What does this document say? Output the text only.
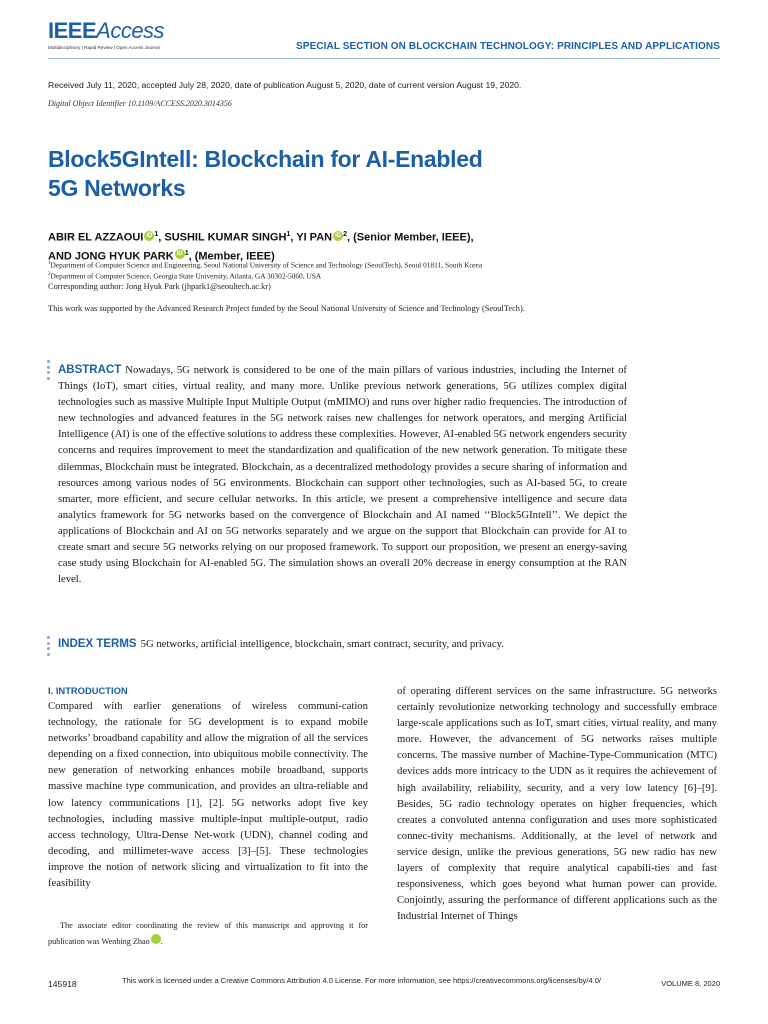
IEEEAccess
Multidisciplinary | Rapid Review | Open Access Journal	SPECIAL SECTION ON BLOCKCHAIN TECHNOLOGY: PRINCIPLES AND APPLICATIONS
Received July 11, 2020, accepted July 28, 2020, date of publication August 5, 2020, date of current version August 19, 2020.
Digital Object Identifier 10.1109/ACCESS.2020.3014356
Block5GIntell: Blockchain for AI-Enabled
5G Networks
ABIR EL AZZAOUI iD $^1$, SUSHIL KUMAR SINGH$^1$, YI PAN iD $^2$, (Senior Member, IEEE),
AND JONG HYUK PARK iD $^1$, (Member, IEEE)
$^1$Department of Computer Science and Engineering, Seoul National University of Science and Technology (SeoulTech), Seoul 01811, South Korea
$^2$Department of Computer Science, Georgia State University, Atlanta, GA 30302-5060, USA
Corresponding author: Jong Hyuk Park (jhpark1@seoultech.ac.kr)
This work was supported by the Advanced Research Project funded by the Seoul National University of Science and Technology (SeoulTech).
ABSTRACT Nowadays, 5G network is considered to be one of the main pillars of various industries, including the Internet of Things (IoT), smart cities, virtual reality, and many more. Unlike previous network generations, 5G utilizes complex digital technologies such as massive Multiple Input Multiple Output (mMIMO) and runs over higher radio frequencies. The introduction of new technologies and advanced features in the 5G network raises new challenges for network operators, and merging Artificial Intelligence (AI) is one of the effective solutions to address these complexities. However, AI-enabled 5G network engenders security concerns and requires improvement to meet the standardization and qualification of the new network generation. To mitigate these dilemmas, Blockchain must be integrated. Blockchain, as a decentralized methodology provides a secure sharing of information and resources among various nodes of 5G environments. Blockchain can support other technologies, such as AI-based 5G, to create smarter, more efficient, and secure cellular networks. In this article, we present a comprehensive intelligence and secure data analytics framework for 5G networks based on the convergence of Blockchain and AI named ‘‘Block5GIntell’’. We depict the applications of Blockchain and AI on 5G networks separately and we argue on the support that Blockchain can provide for AI to create smart and secure 5G networks relying on our proposed framework. To support our proposition, we present an energy-saving case study using Blockchain for AI-enabled 5G. The simulation shows an overall 20% decrease in energy consumption at the RAN level.
INDEX TERMS 5G networks, artificial intelligence, blockchain, smart contract, security, and privacy.
I. INTRODUCTION

Compared with earlier generations of wireless communi-cation technology, the rationale for 5G development is to expand mobile networks’ broadband capability and allow the migration of all the services depending on a fixed connection, into ubiquitous mobile connectivity. The new generation of networking enhances mobile broadband, supports massive machine type communication, and provides an ultra-reliable and low latency communications [1], [2]. 5G networks adopt five key technologies, including massive multiple-input multiple-output, radio access technology, Ultra-Dense Net-work (UDN), channel coding and decoding, and millimeter-wave access [3]–[5]. These technologies improve the notion of network slicing and virtualization to fit into the feasibility

of operating different services on the same infrastructure. 5G networks certainly revolutionize networking technology and successfully embrace large-scale applications such as IoT, smart cities, virtual reality, and many more. However, the advancement of 5G networks raises multiple concerns. The massive number of Machine-Type-Communication (MTC) devices adds more intricacy to the UDN as it requires the achievement of high availability, reliability, security, and a very low latency [6]–[9]. Besides, 5G radio technology operates on higher frequencies, which creates a convoluted antenna configuration and uses more sophisticated connec-tivity mechanisms. Additionally, at the level of network and service design, unlike the previous generations, 5G new radio has new layers of complexity that require analytical capabili-ties and fast responsiveness, which goes beyond what human power can provide. Conjointly, assuring the performance of different applications such as the Industrial Internet of Things

The associate editor coordinating the review of this manuscript and approving it for publication was Wenbing Zhao iD.
145918	This work is licensed under a Creative Commons Attribution 4.0 License. For more information, see https://creativecommons.org/licenses/by/4.0/	VOLUME 8, 2020
